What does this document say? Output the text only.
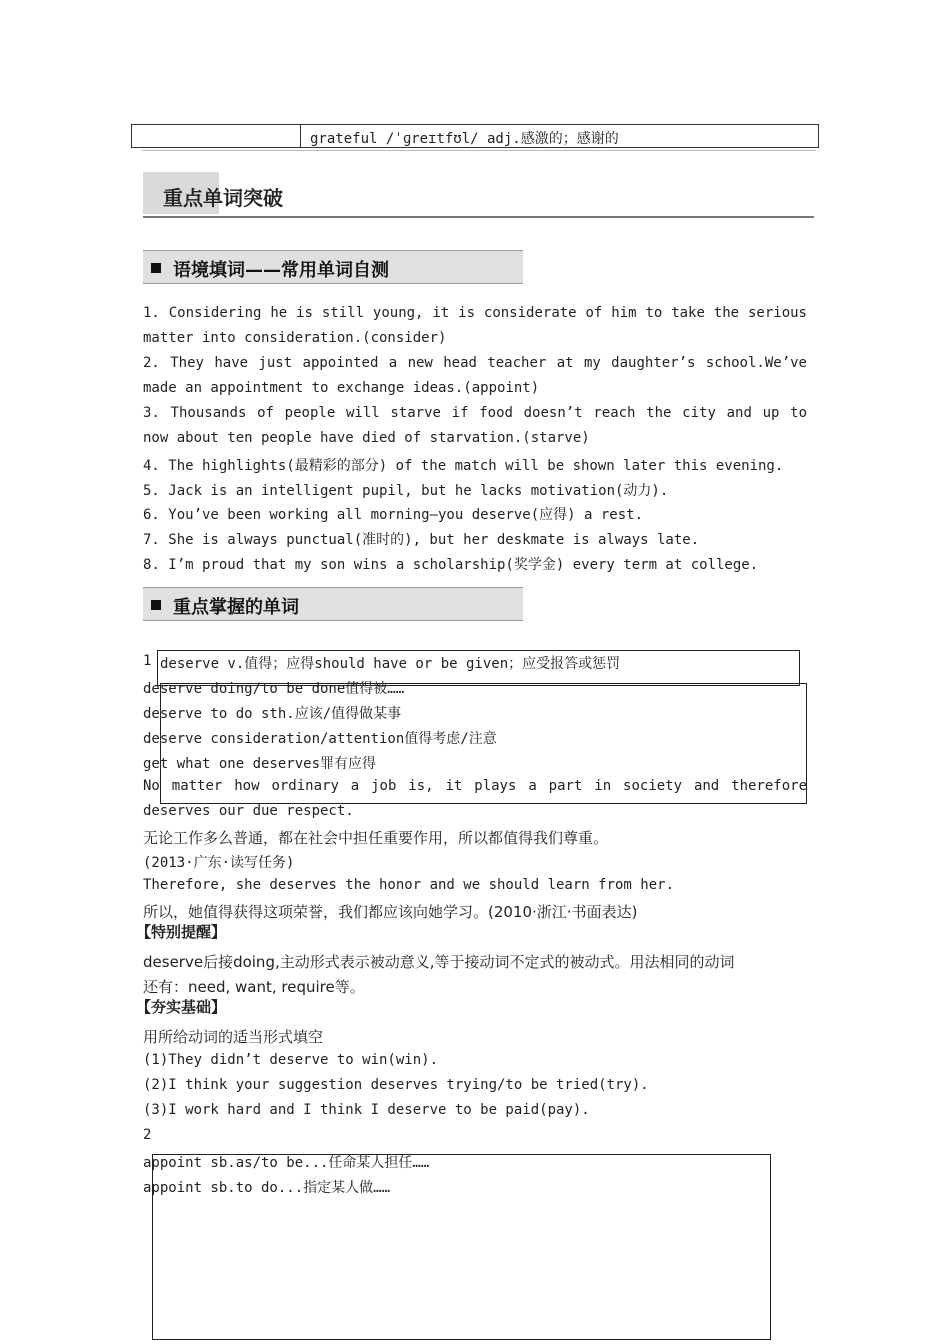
grateful /ˈɡreɪtfʊl/ adj.感激的；感谢的
重点单词突破
语境填词——常用单词自测
1. Considering he is still young, it is considerate of him to take the serious
matter into consideration.(consider)
2. They have just appointed a new head teacher at my daughter’s school.We’ve
made an appointment to exchange ideas.(appoint)
3. Thousands of people will starve if food doesn’t reach the city and up to
now about ten people have died of starvation.(starve)
4. The highlights(最精彩的部分) of the match will be shown later this evening.
5. Jack is an intelligent pupil, but he lacks motivation(动力).
6. You’ve been working all morning—you deserve(应得) a rest.
7. She is always punctual(准时的), but her deskmate is always late.
8. I’m proud that my son wins a scholarship(奖学金) every term at college.
重点掌握的单词
1 deserve v.值得；应得should have or be given；应受报答或惩罚
deserve doing/to be done值得被……
deserve to do sth.应该/值得做某事
deserve consideration/attention值得考虑/注意
get what one deserves罪有应得
No matter how ordinary a job is, it plays a part in society and therefore
deserves our due respect.
无论工作多么普通，都在社会中担任重要作用，所以都值得我们尊重。
(2013·广东·读写任务)
Therefore, she deserves the honor and we should learn from her.
所以，她值得获得这项荣誉，我们都应该向她学习。(2010·浙江·书面表达)
【特别提醒】
deserve后接doing,主动形式表示被动意义,等于接动词不定式的被动式。用法相同的动词
还有：need, want, require等。
【夯实基础】
用所给动词的适当形式填空
(1)They didn’t deserve to win(win).
(2)I think your suggestion deserves trying/to be tried(try).
(3)I work hard and I think I deserve to be paid(pay).
2
appoint sb.as/to be...任命某人担任……
appoint sb.to do...指定某人做……
